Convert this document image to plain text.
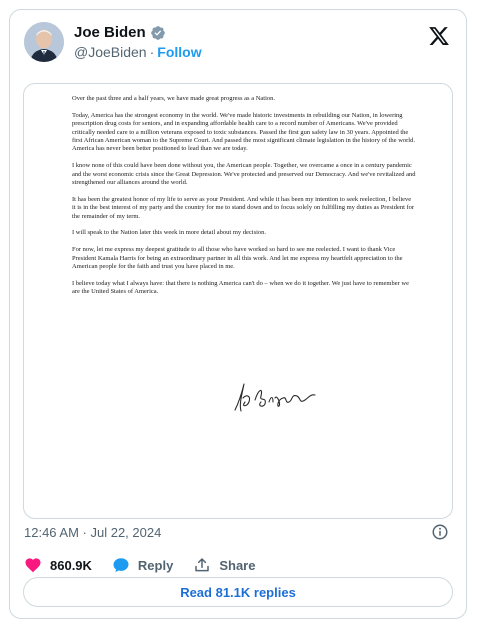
Joe Biden
@JoeBiden · Follow

Over the past three and a half years, we have made great progress as a Nation.

Today, America has the strongest economy in the world. We've made historic investments in rebuilding our Nation, in lowering prescription drug costs for seniors, and in expanding affordable health care to a record number of Americans. We've provided critically needed care to a million veterans exposed to toxic substances. Passed the first gun safety law in 30 years. Appointed the first African American woman to the Supreme Court. And passed the most significant climate legislation in the history of the world. America has never been better positioned to lead than we are today.

I know none of this could have been done without you, the American people. Together, we overcame a once in a century pandemic and the worst economic crisis since the Great Depression. We've protected and preserved our Democracy. And we've revitalized and strengthened our alliances around the world.

It has been the greatest honor of my life to serve as your President. And while it has been my intention to seek reelection, I believe it is in the best interest of my party and the country for me to stand down and to focus solely on fulfilling my duties as President for the remainder of my term.

I will speak to the Nation later this week in more detail about my decision.

For now, let me express my deepest gratitude to all those who have worked so hard to see me reelected. I want to thank Vice President Kamala Harris for being an extraordinary partner in all this work. And let me express my heartfelt appreciation to the American people for the faith and trust you have placed in me.

I believe today what I always have: that there is nothing America can't do – when we do it together. We just have to remember we are the United States of America.

12:46 AM · Jul 22, 2024
860.9K	Reply	Share
Read 81.1K replies
